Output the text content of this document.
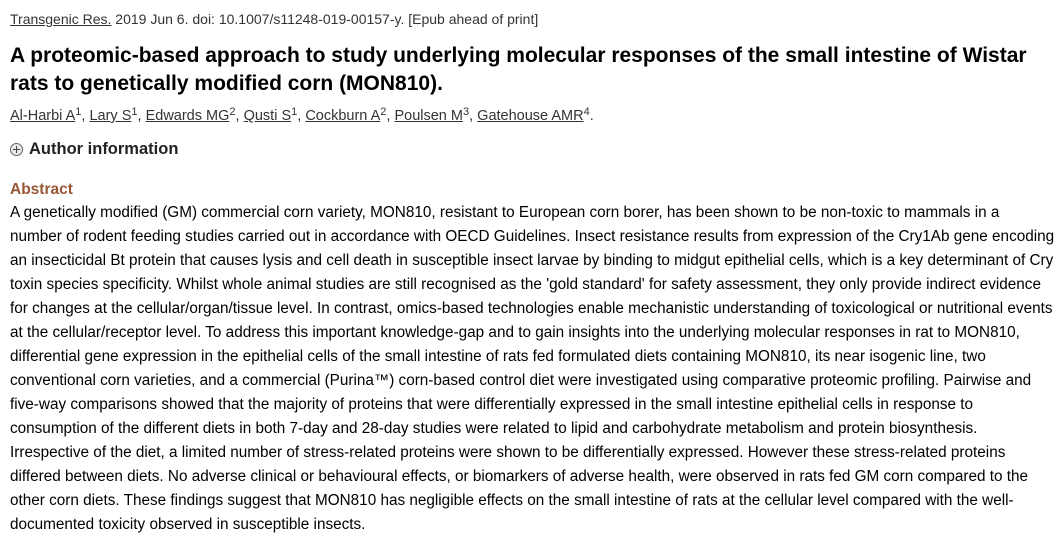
Transgenic Res. 2019 Jun 6. doi: 10.1007/s11248-019-00157-y. [Epub ahead of print]
A proteomic-based approach to study underlying molecular responses of the small intestine of Wistar rats to genetically modified corn (MON810).
Al-Harbi $A^1$, Lary $S^1$, Edwards $MG^2$, Qusti $S^1$, Cockburn $A^2$, Poulsen $M^3$, Gatehouse AMR$^4$.
Author information
Abstract

A genetically modified (GM) commercial corn variety, MON810, resistant to European corn borer, has been shown to be non-toxic to mammals in a number of rodent feeding studies carried out in accordance with OECD Guidelines. Insect resistance results from expression of the Cry1Ab gene encoding an insecticidal Bt protein that causes lysis and cell death in susceptible insect larvae by binding to midgut epithelial cells, which is a key determinant of Cry toxin species specificity. Whilst whole animal studies are still recognised as the 'gold standard' for safety assessment, they only provide indirect evidence for changes at the cellular/organ/tissue level. In contrast, omics-based technologies enable mechanistic understanding of toxicological or nutritional events at the cellular/receptor level. To address this important knowledge-gap and to gain insights into the underlying molecular responses in rat to MON810, differential gene expression in the epithelial cells of the small intestine of rats fed formulated diets containing MON810, its near isogenic line, two conventional corn varieties, and a commercial (Purina™) corn-based control diet were investigated using comparative proteomic profiling. Pairwise and five-way comparisons showed that the majority of proteins that were differentially expressed in the small intestine epithelial cells in response to consumption of the different diets in both 7-day and 28-day studies were related to lipid and carbohydrate metabolism and protein biosynthesis. Irrespective of the diet, a limited number of stress-related proteins were shown to be differentially expressed. However these stress-related proteins differed between diets. No adverse clinical or behavioural effects, or biomarkers of adverse health, were observed in rats fed GM corn compared to the other corn diets. These findings suggest that MON810 has negligible effects on the small intestine of rats at the cellular level compared with the well-documented toxicity observed in susceptible insects.
